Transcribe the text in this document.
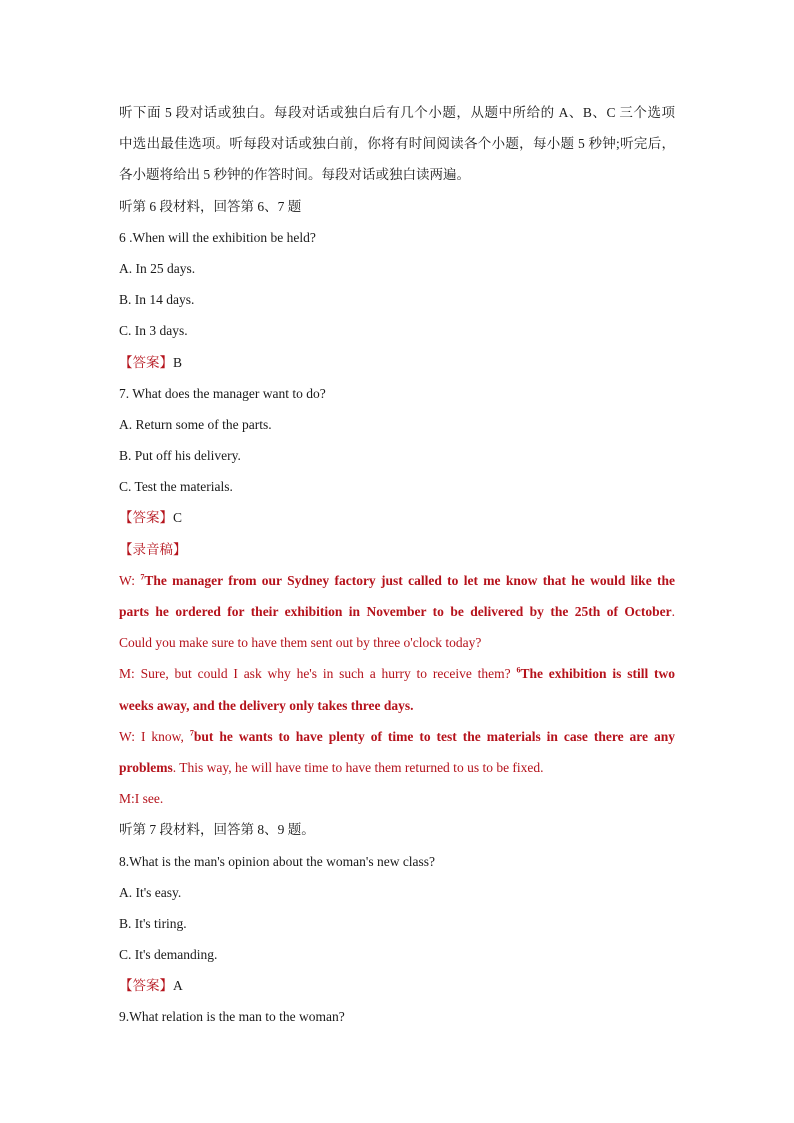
听下面 5 段对话或独白。每段对话或独白后有几个小题，从题中所给的 A、B、C 三个选项
中选出最佳选项。听每段对话或独白前，你将有时间阅读各个小题，每小题 5 秒钟;听完后，
各小题将给出 5 秒钟的作答时间。每段对话或独白读两遍。
听第 6 段材料，回答第 6、7 题
6 .When will the exhibition be held?
A. In 25 days.
B. In 14 days.
C. In 3 days.
【答案】B
7. What does the manager want to do?
A. Return some of the parts.
B. Put off his delivery.
C. Test the materials.
【答案】C
【录音稿】
W: $^7$The manager from our Sydney factory just called to let me know that he would like the
parts he ordered for their exhibition in November to be delivered by the 25th of October.
Could you make sure to have them sent out by three o'clock today?
M: Sure, but could I ask why he's in such a hurry to receive them? $^6$The exhibition is still two
weeks away, and the delivery only takes three days.
W: I know, $^7$but he wants to have plenty of time to test the materials in case there are any
problems. This way, he will have time to have them returned to us to be fixed.
M:I see.
听第 7 段材料，回答第 8、9 题。
8.What is the man's opinion about the woman's new class?
A. It's easy.
B. It's tiring.
C. It's demanding.
【答案】A
9.What relation is the man to the woman?
